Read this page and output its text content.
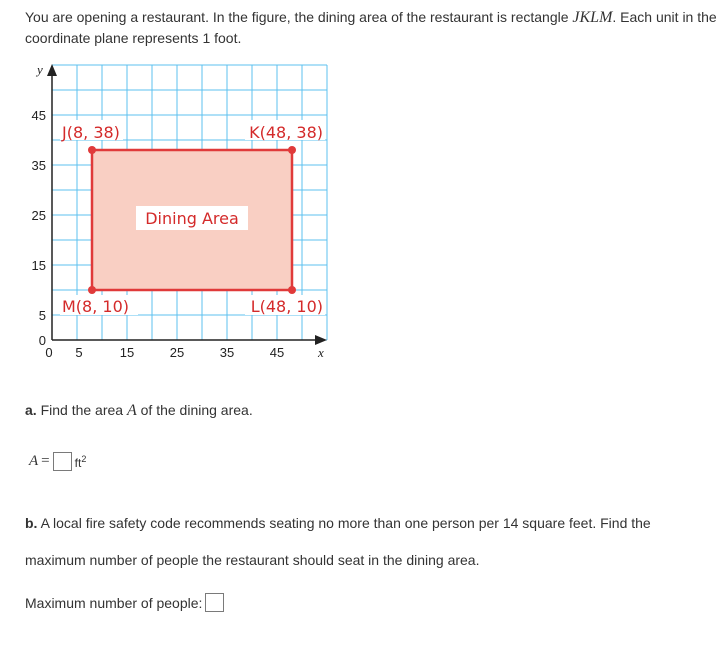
You are opening a restaurant. In the figure, the dining area of the restaurant is rectangle JKLM. Each unit in the coordinate plane represents 1 foot.
45
35
25
15
5
0
0 5	15	25	35	45
y
x
J(8, 38)	K(48, 38)
M(8, 10)	L(48, 10)
Dining Area
a. Find the area A of the dining area.
$A = ft^2$
b. A local fire safety code recommends seating no more than one person per 14 square feet. Find the maximum number of people the restaurant should seat in the dining area.
Maximum number of people:
